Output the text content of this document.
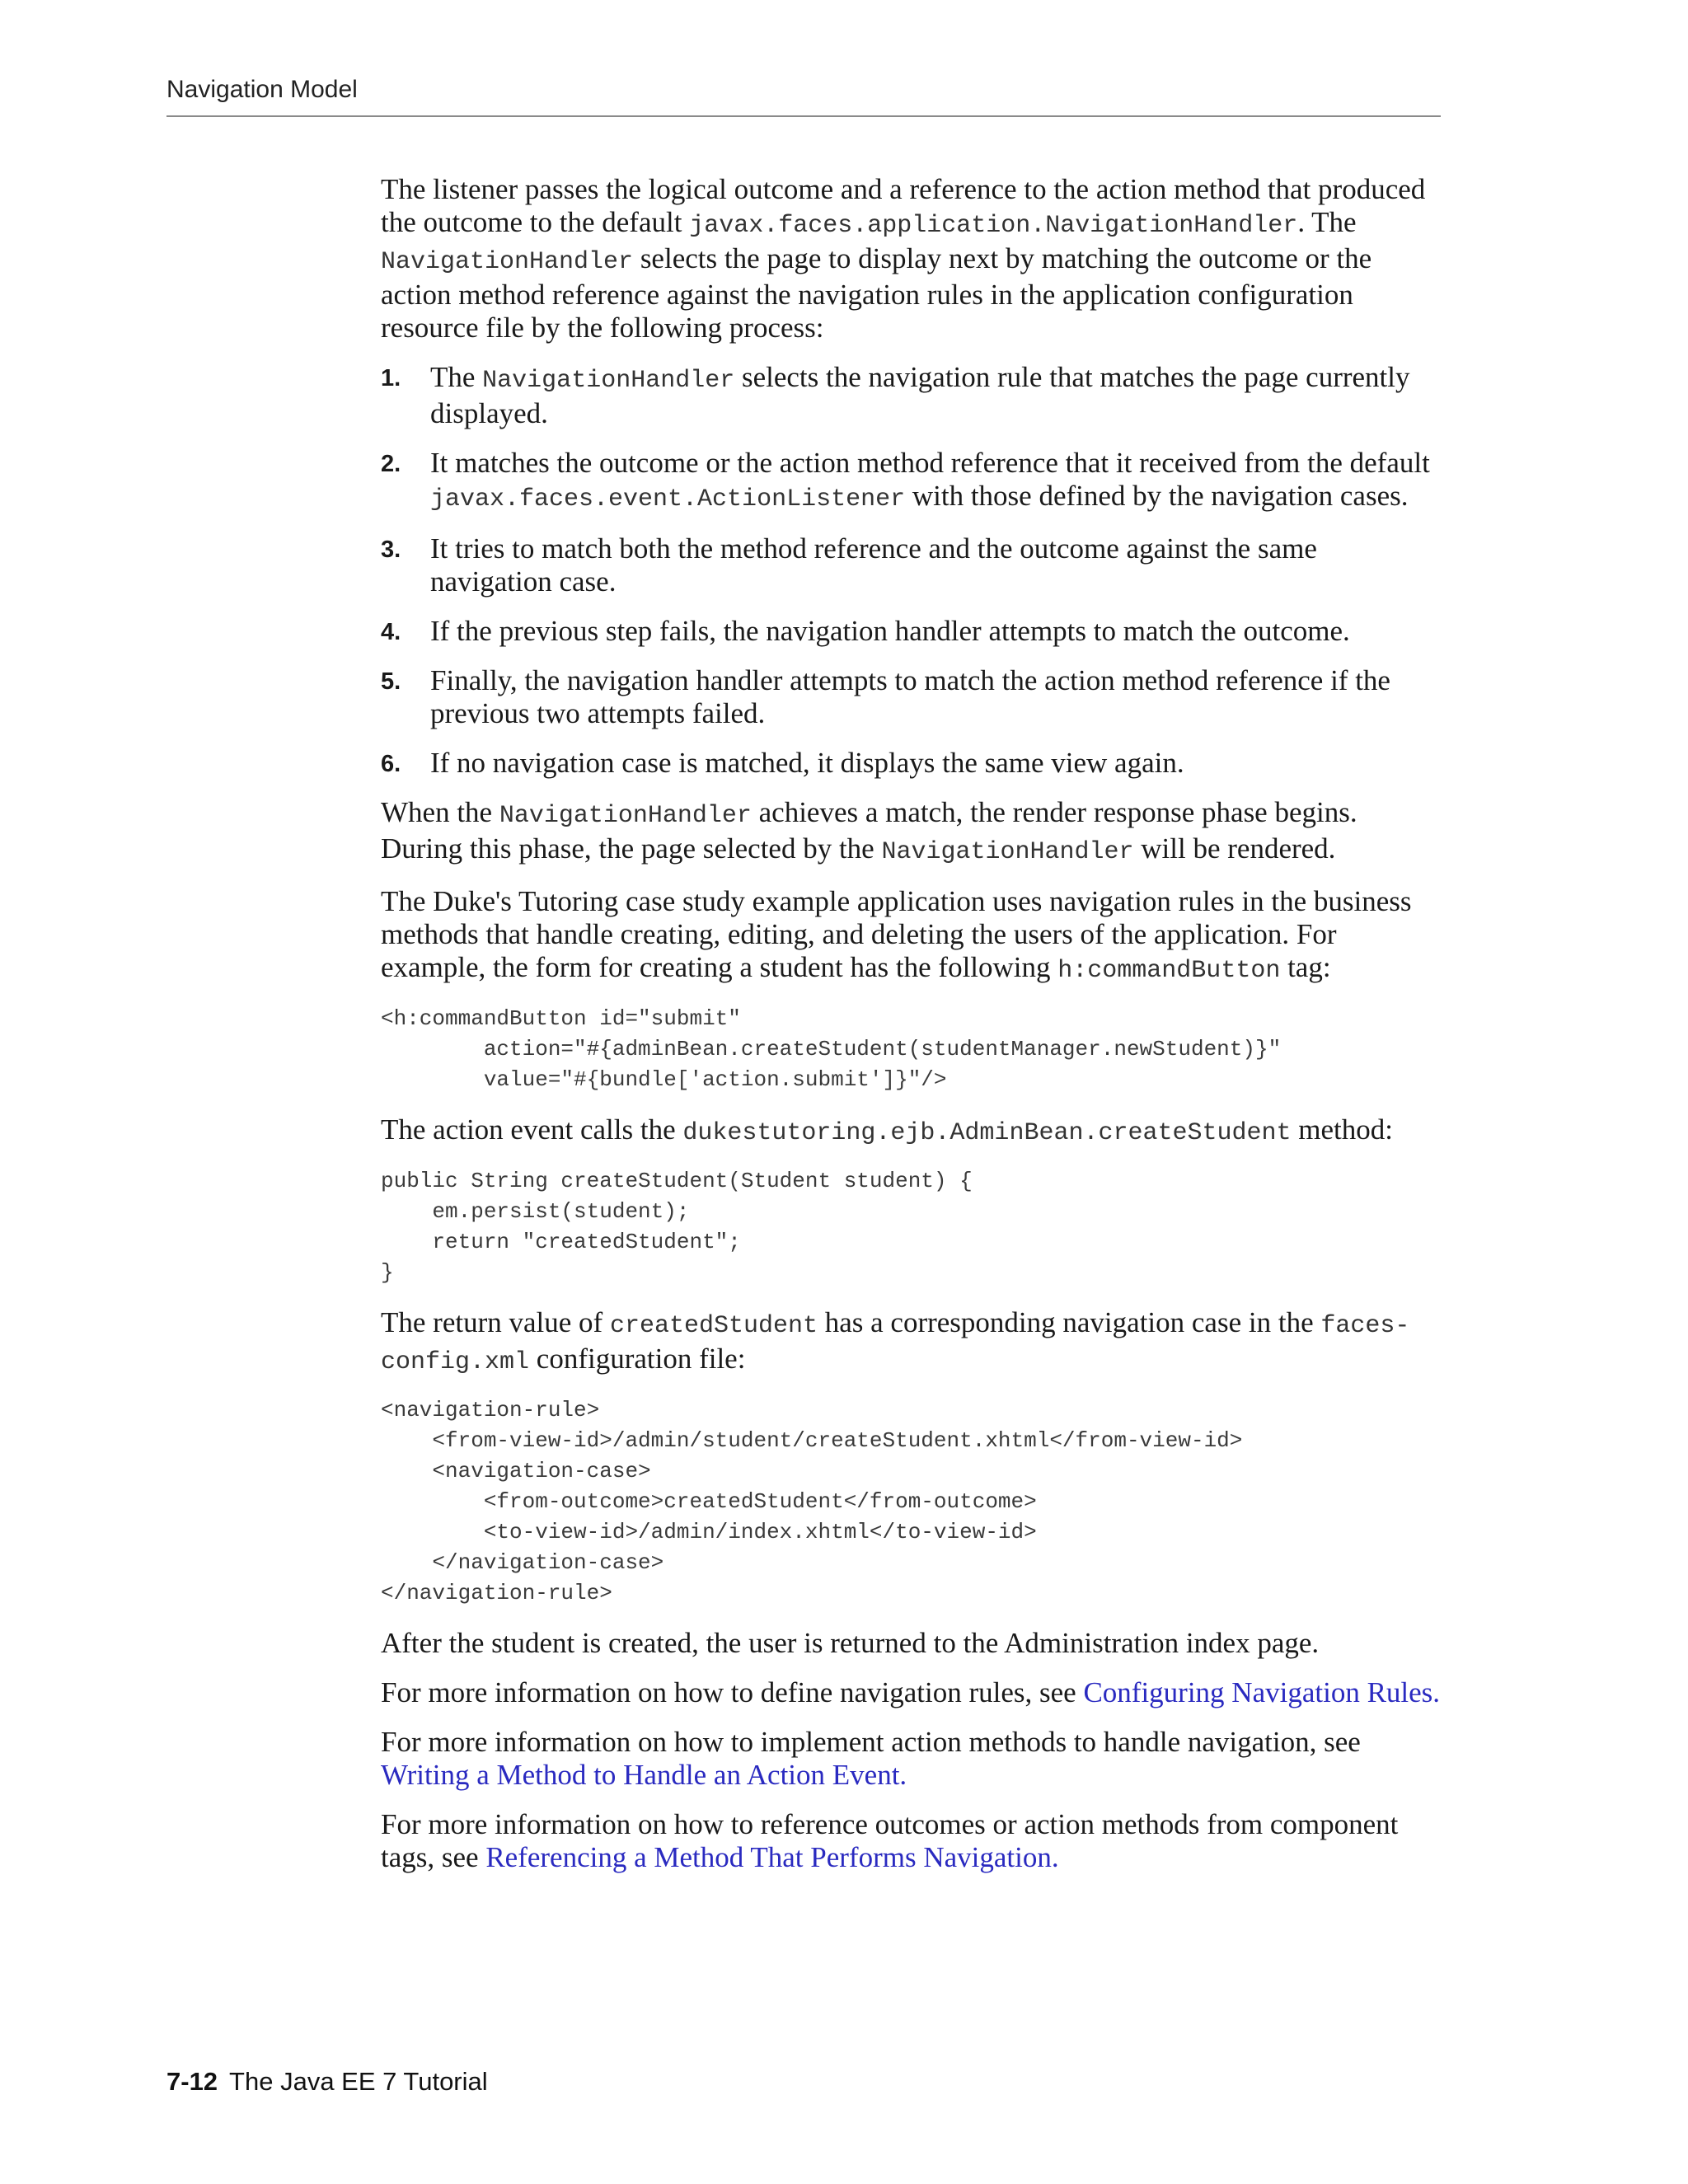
Navigation Model

The listener passes the logical outcome and a reference to the action method that produced the outcome to the default javax.faces.application.NavigationHandler. The NavigationHandler selects the page to display next by matching the outcome or the action method reference against the navigation rules in the application configuration resource file by the following process:

1. The NavigationHandler selects the navigation rule that matches the page currently displayed.
2. It matches the outcome or the action method reference that it received from the default javax.faces.event.ActionListener with those defined by the navigation cases.
3. It tries to match both the method reference and the outcome against the same navigation case.
4. If the previous step fails, the navigation handler attempts to match the outcome.
5. Finally, the navigation handler attempts to match the action method reference if the previous two attempts failed.
6. If no navigation case is matched, it displays the same view again.

When the NavigationHandler achieves a match, the render response phase begins. During this phase, the page selected by the NavigationHandler will be rendered.

The Duke's Tutoring case study example application uses navigation rules in the business methods that handle creating, editing, and deleting the users of the application. For example, the form for creating a student has the following h:commandButton tag:

<h:commandButton id="submit"
action="#{adminBean.createStudent(studentManager.newStudent)}"
value="#{bundle['action.submit']}"/>

The action event calls the dukestutoring.ejb.AdminBean.createStudent method:

public String createStudent(Student student) {
em.persist(student);
return "createdStudent";
}

The return value of createdStudent has a corresponding navigation case in the faces-config.xml configuration file:

<navigation-rule>
<from-view-id>/admin/student/createStudent.xhtml</from-view-id>
<navigation-case>
<from-outcome>createdStudent</from-outcome>
<to-view-id>/admin/index.xhtml</to-view-id>
</navigation-case>
</navigation-rule>

After the student is created, the user is returned to the Administration index page.

For more information on how to define navigation rules, see Configuring Navigation Rules.

For more information on how to implement action methods to handle navigation, see Writing a Method to Handle an Action Event.

For more information on how to reference outcomes or action methods from component tags, see Referencing a Method That Performs Navigation.

7-12 The Java EE 7 Tutorial
